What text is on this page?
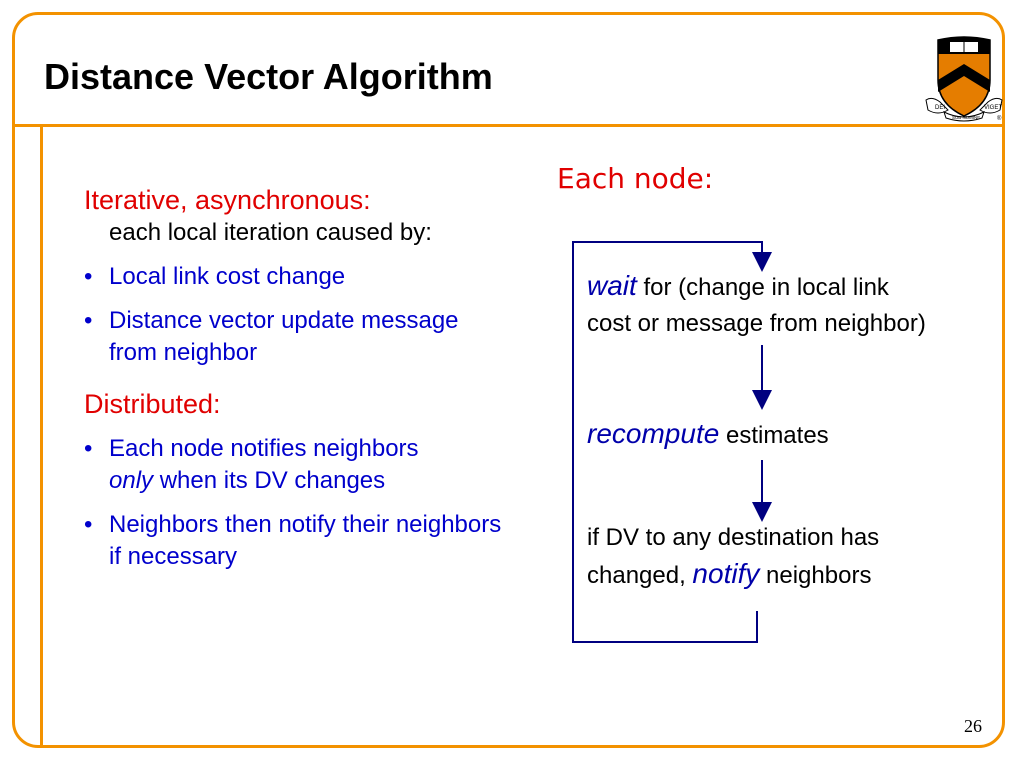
Distance Vector Algorithm
DEI
SUB NUMINE
VIGET
®
Iterative, asynchronous:
each local iteration caused by:
• Local link cost change
• Distance vector update message from neighbor
Distributed:
• Each node notifies neighbors
only when its DV changes
• Neighbors then notify their neighbors if necessary
Each node:
wait for (change in local link
cost or message from neighbor)
recompute estimates
if DV to any destination has
changed, notify neighbors
26
